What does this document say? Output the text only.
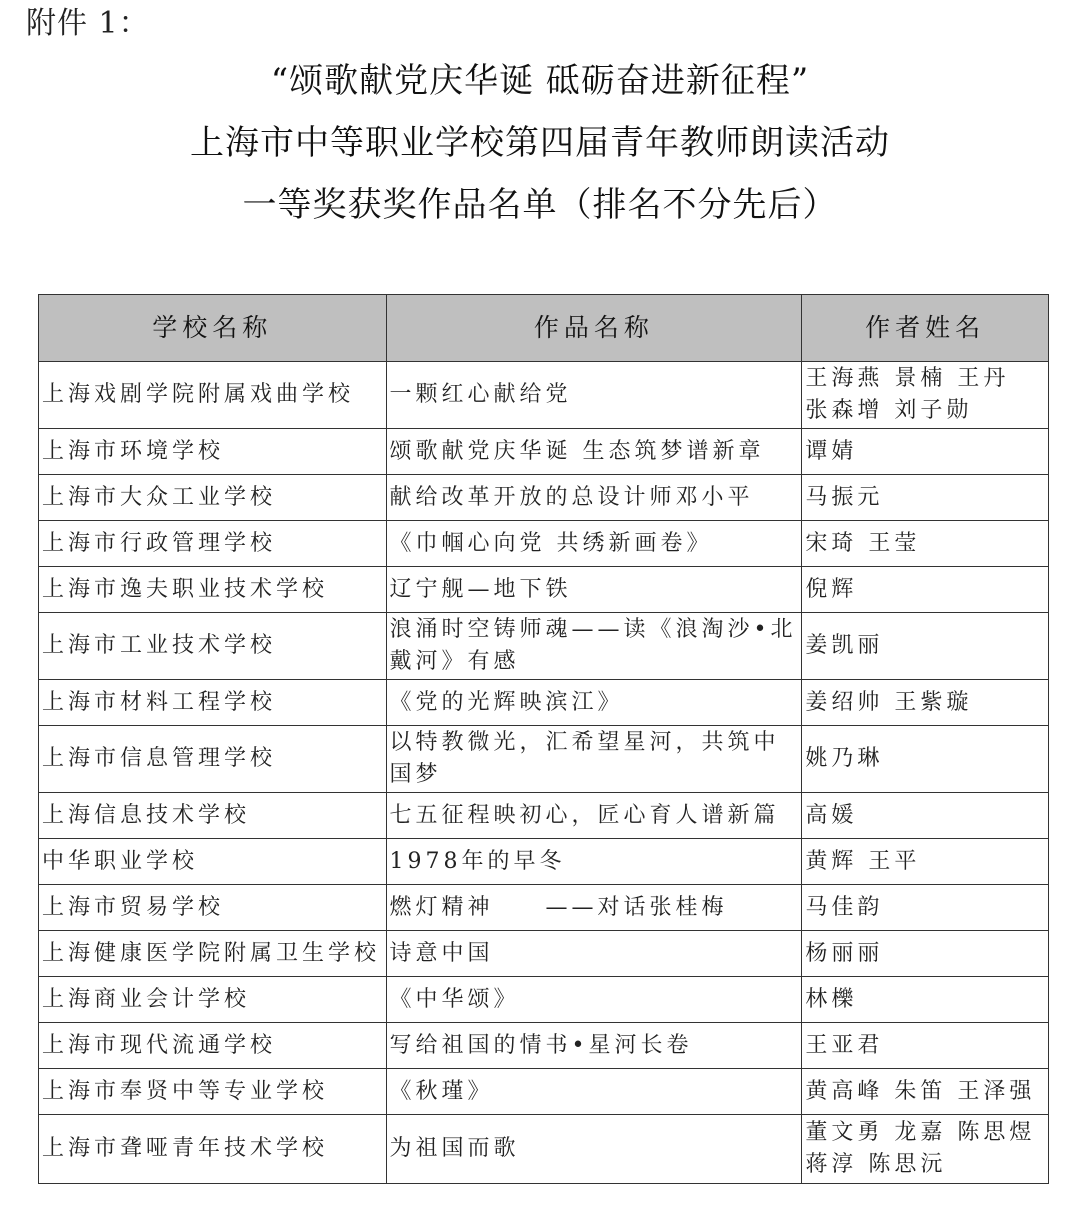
附件 1：
“颂歌献党庆华诞 砥砺奋进新征程”
上海市中等职业学校第四届青年教师朗读活动
一等奖获奖作品名单（排名不分先后）
学校名称	作品名称	作者姓名
上海戏剧学院附属戏曲学校	一颗红心献给党	王海燕 景楠 王丹 张森增 刘子勋
上海市环境学校	颂歌献党庆华诞 生态筑梦谱新章	谭婧
上海市大众工业学校	献给改革开放的总设计师邓小平	马振元
上海市行政管理学校	《巾帼心向党 共绣新画卷》	宋琦 王莹
上海市逸夫职业技术学校	辽宁舰—地下铁	倪辉
上海市工业技术学校	浪涌时空铸师魂——读《浪淘沙•北戴河》有感	姜凯丽
上海市材料工程学校	《党的光辉映滨江》	姜绍帅 王紫璇
上海市信息管理学校	以特教微光，汇希望星河，共筑中国梦	姚乃琳
上海信息技术学校	七五征程映初心，匠心育人谱新篇	高媛
中华职业学校	1978年的早冬	黄辉 王平
上海市贸易学校	燃灯精神　　——对话张桂梅	马佳韵
上海健康医学院附属卫生学校	诗意中国	杨丽丽
上海商业会计学校	《中华颂》	林櫟
上海市现代流通学校	写给祖国的情书•星河长卷	王亚君
上海市奉贤中等专业学校	《秋瑾》	黄高峰 朱笛 王泽强
上海市聋哑青年技术学校	为祖国而歌	董文勇 龙嘉 陈思煜 蒋淳 陈思沅
